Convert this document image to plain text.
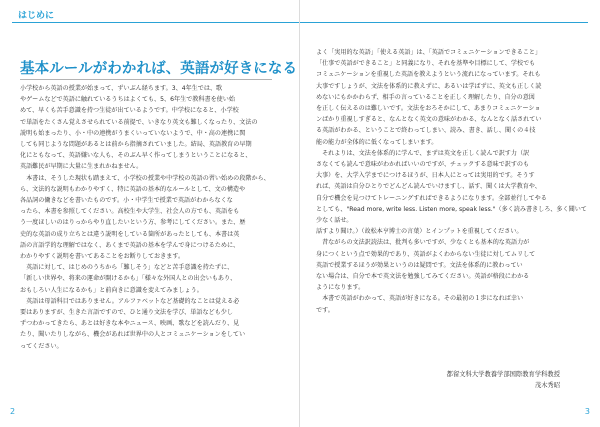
はじめに
基本ルールがわかれば、英語が好きになる

小学校から英語の授業が始まって、ずいぶん経ちます。3、4年生では、歌
やゲームなどで英語に触れているうちはよくても、5、6年生で教科書を使い始
めて、早くも苦手意識を持つ生徒が出ているようです。中学校になると、小学校
で単語をたくさん覚えさせられている前提で、いきなり英文も難しくなったり、文法の
説明も始まったり、小・中の連携がうまくいっていないようで、中・高の連携に関
しても同じような問題があるとは前から指摘されていました。結局、英語教育の早期
化にともなって、英語嫌いな人も、そのぶん早く作ってしまうということになると、
英語難民が早期に大量に生まれかねません。
　本書は、そうした現状も踏まえて、小学校の授業や中学校の英語の習い始めの段階から、
ら、文法的な説明もわかりやすく、特に英語の基本的なルールとして、文の構造や
各品詞の働きなどを書いたものです。小・中学生で授業で英語がわからなくな
ったら、本書を参照してください。高校生や大学生、社会人の方でも、英語をも
う一度ほしいのはりっからやり直したいという方、参考にしてください。また、歴
史的な英語の成り立ちとは違う説明をしている箇所があったとしても、本書は英
語の言語学的な理解ではなく、あくまで英語の基本を学んで身につけるために、
わかりやすく説明を書いてあることをお断りしておきます。
　英語に対して、はじめのうちから「難しそう」などと苦手意識を持たずに、
「新しい世界や、将来の運命が開けるかも」「様々な外国人との出会いもあり、
おもしろい人生になるかも」と前向きに意識を変えてみましょう。
　英語は母語科目ではありません。アルファベットなど基礎的なことは覚える必
要はありますが、生きた言語ですので、ひと通り文法を学び、単語なども少し
ずつわかってきたら、あとは好きな本やニュース、映画、歌などを読んだり、見
たり、聞いたりしながら、機会があれば世界中の人とコミュニケーションをしてい
ってください。

2

よく「実用的な英語」「使える英語」は、「英語でコミュニケーションできること」
「仕事で英語ができること」と同義になり、それを基準や目標にして、学校でも
コミュニケーションを重視した英語を教えようという流れになっています。それも
大事ですしょうが、文法を体系的に教えずに、あるいは学ばずに、英文も正しく読
めないにもかかわらず、相手の言っていることを正しく理解したり、自分の意図
を正しく伝えるのは難しいです。文法をおろそかにして、あまりコミュニケーショ
ンばかり重視しすぎると、なんとなく英文の意味がわかる、なんとなく話されてい
る英語がわかる、ということで終わってしまい、読み、書き、話し、聞くの４技
能の能力が全体的に低くなってしまいます。
　それよりは、文法を体系的に学んで、まずは英文を正しく読んで訳す力（訳
さなくても読んで意味がわかればいいのですが、チェックする意味で訳すのも
大事）を、大学入学までにつけるほうが、日本人にとっては実用的です。そうす
れば、英語は自分ひとりでどんどん読んでいけますし、話す、聞くは大学教育や、
自分で機会を見つけてトレーニングすればできるようになります。全部並行してやる
としても、"Read more, write less. Listen more, speak less."（多く読み書きしろ、多く聞いて少なく話せ。
話すより聞け。）（故松本亨博士の言葉）とインプットを重視してください。
　昔ながらの文法訳読法は、批判も多いですが、少なくとも基本的な英語力が
身につくという点で効果的であり、英語がよくわからない生徒に対してムリして
英語で授業するほうが効果というのは疑問です。文法を体系的に教わってい
ない場合は、自分で本で英文法を勉強してみてください。英語が格段にわかる
ようになります。
　本書で英語がわかって、英語が好きになる。その最初の１歩になれば幸い
です。

都留文科大学教養学部国際教育学科教授
茂木秀昭
3
